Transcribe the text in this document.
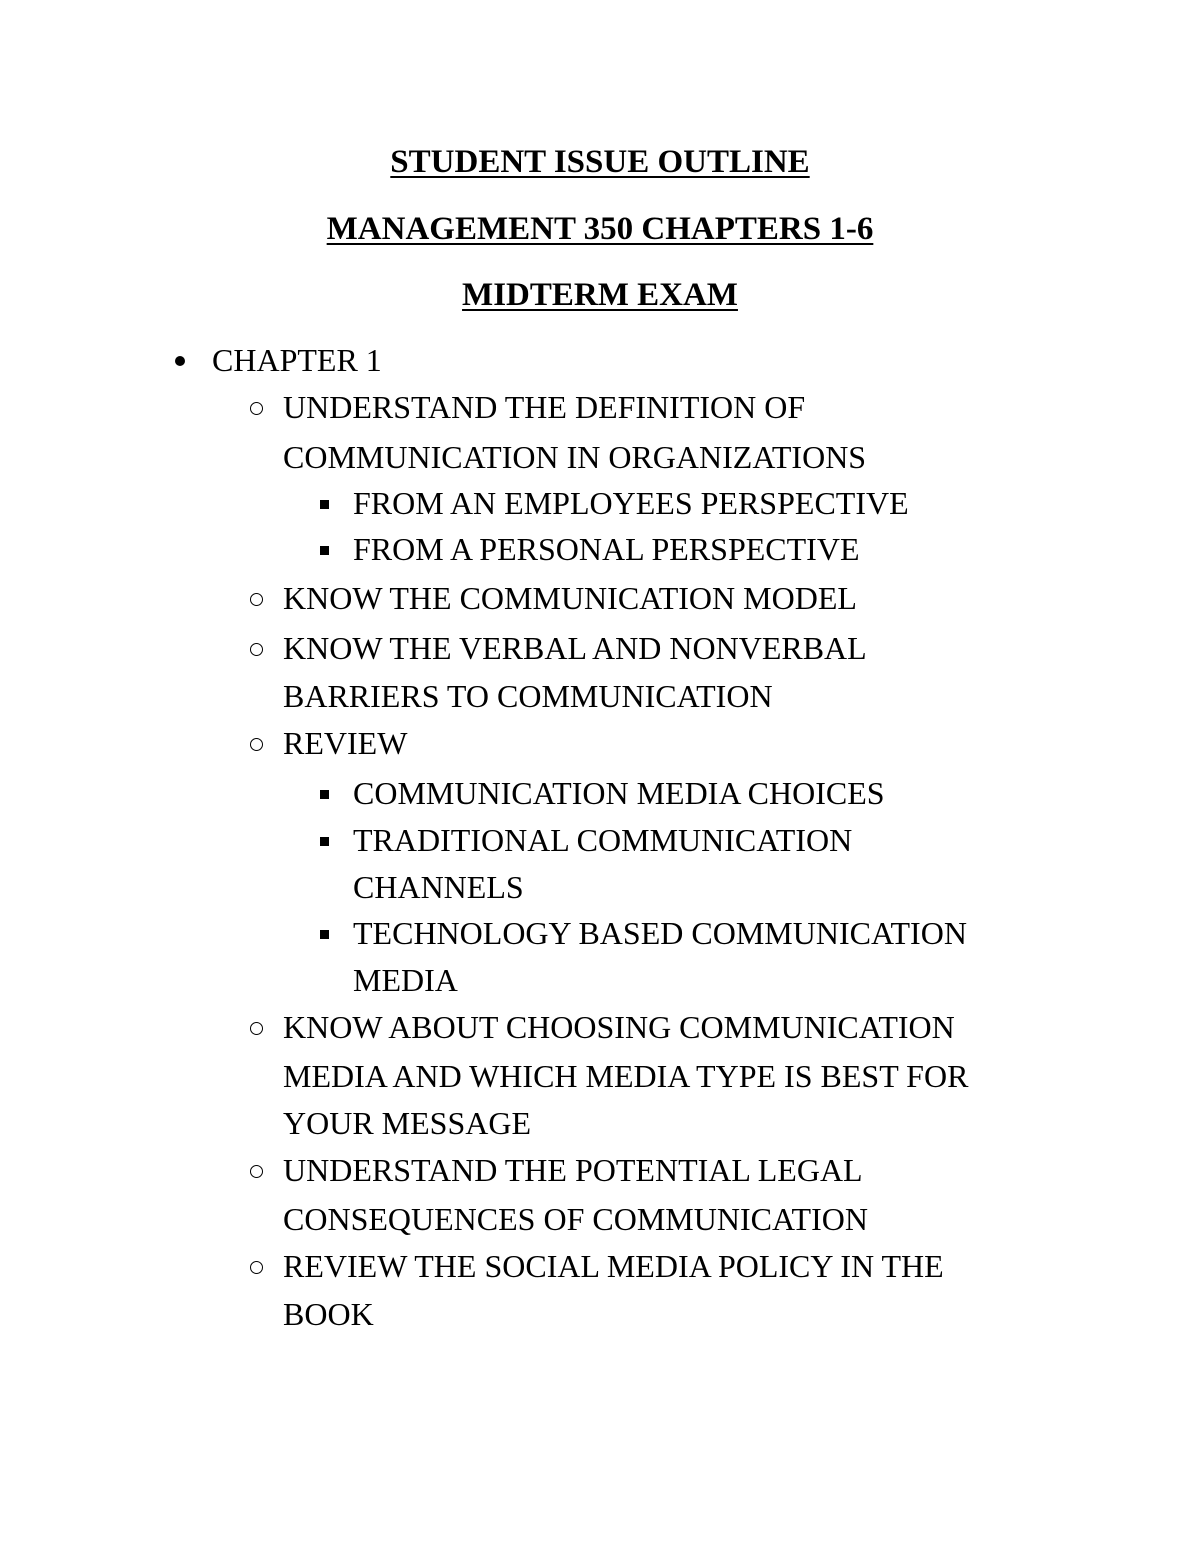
STUDENT ISSUE OUTLINE
MANAGEMENT 350 CHAPTERS 1-6
MIDTERM EXAM
CHAPTER 1
UNDERSTAND THE DEFINITION OF
COMMUNICATION IN ORGANIZATIONS
FROM AN EMPLOYEES PERSPECTIVE
FROM A PERSONAL PERSPECTIVE
KNOW THE COMMUNICATION MODEL
KNOW THE VERBAL AND NONVERBAL
BARRIERS TO COMMUNICATION
REVIEW
COMMUNICATION MEDIA CHOICES
TRADITIONAL COMMUNICATION
CHANNELS
TECHNOLOGY BASED COMMUNICATION
MEDIA
KNOW ABOUT CHOOSING COMMUNICATION
MEDIA AND WHICH MEDIA TYPE IS BEST FOR
YOUR MESSAGE
UNDERSTAND THE POTENTIAL LEGAL
CONSEQUENCES OF COMMUNICATION
REVIEW THE SOCIAL MEDIA POLICY IN THE
BOOK
